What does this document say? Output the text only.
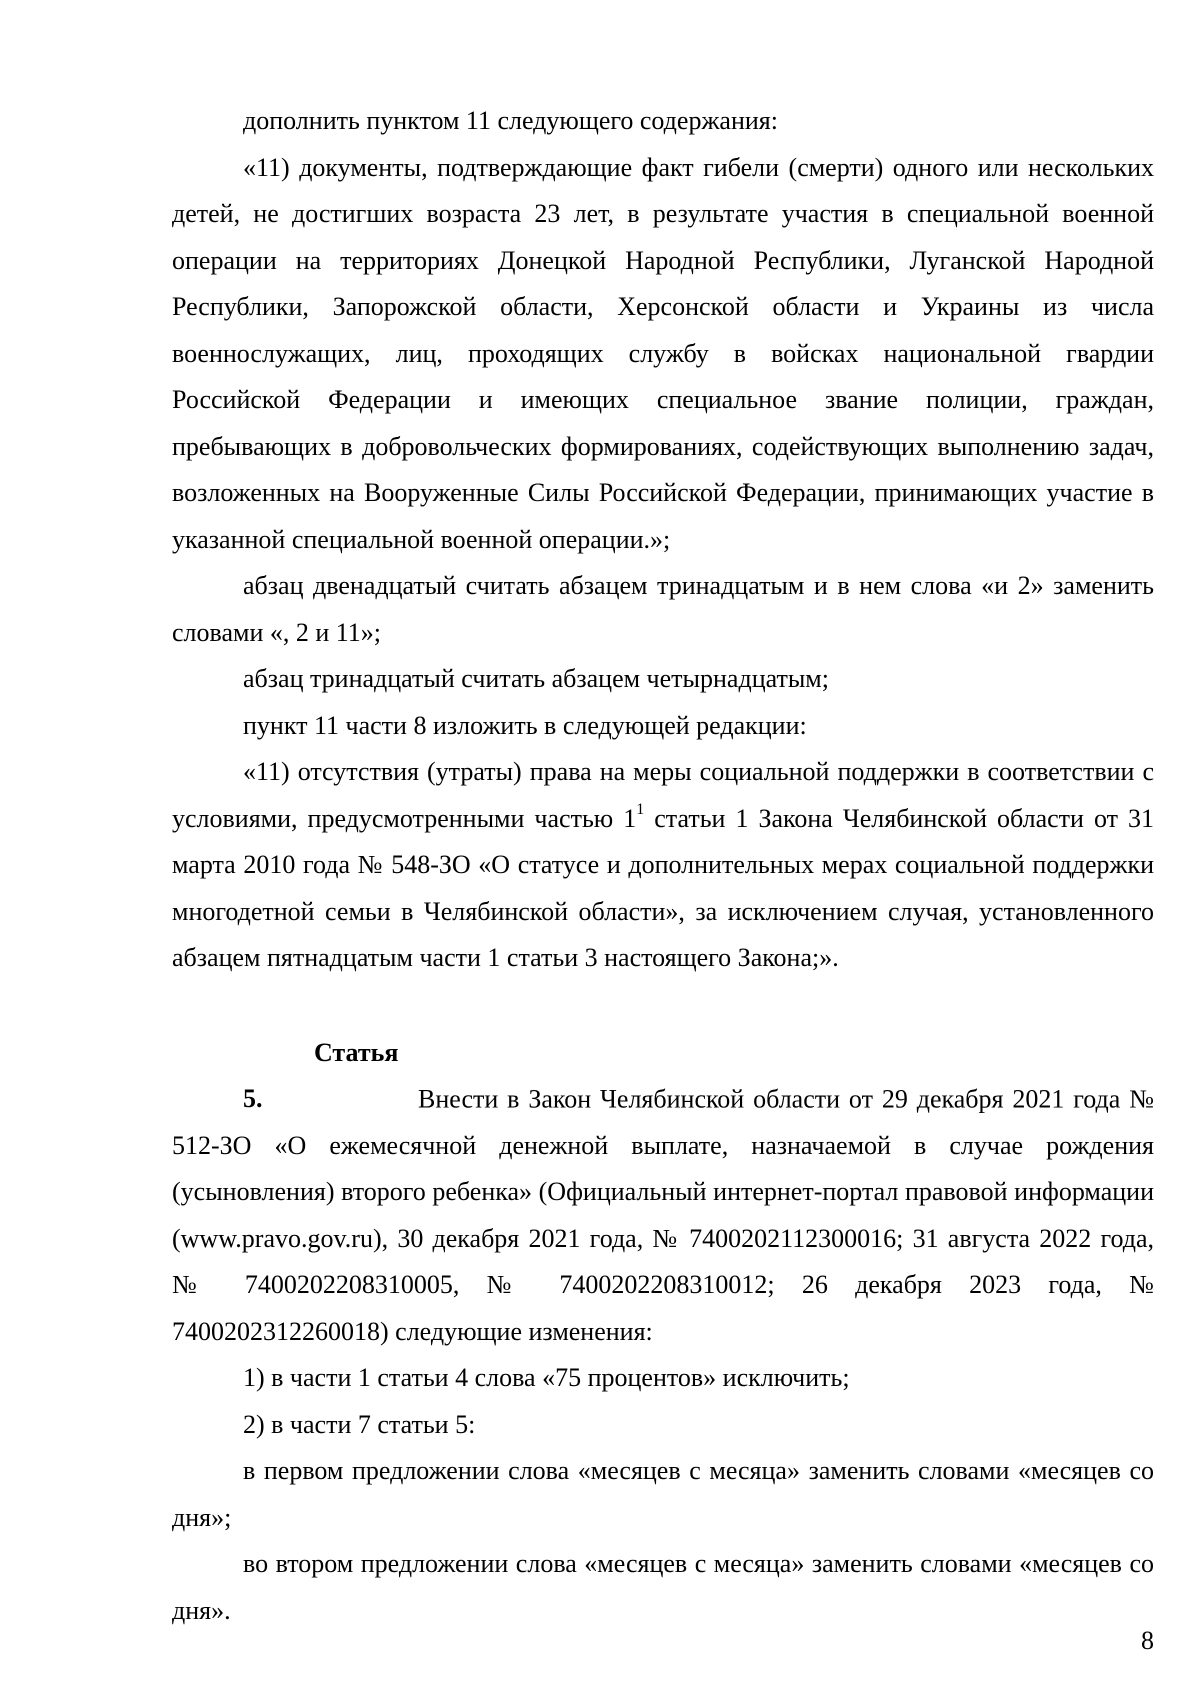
дополнить пунктом 11 следующего содержания:

«11) документы, подтверждающие факт гибели (смерти) одного или нескольких детей, не достигших возраста 23 лет, в результате участия в специальной военной операции на территориях Донецкой Народной Республики, Луганской Народной Республики, Запорожской области, Херсонской области и Украины из числа военнослужащих, лиц, проходящих службу в войсках национальной гвардии Российской Федерации и имеющих специальное звание полиции, граждан, пребывающих в добровольческих формированиях, содействующих выполнению задач, возложенных на Вооруженные Силы Российской Федерации, принимающих участие в указанной специальной военной операции.»;

абзац двенадцатый считать абзацем тринадцатым и в нем слова «и 2» заменить словами «, 2 и 11»;

абзац тринадцатый считать абзацем четырнадцатым;

пункт 11 части 8 изложить в следующей редакции:

«11) отсутствия (утраты) права на меры социальной поддержки в соответствии с условиями, предусмотренными частью $1^1$ статьи 1 Закона Челябинской области от 31 марта 2010 года № 548-ЗО «О статусе и дополнительных мерах социальной поддержки многодетной семьи в Челябинской области», за исключением случая, установленного абзацем пятнадцатым части 1 статьи 3 настоящего Закона;».

Статья 5.	Внести в Закон Челябинской области от 29 декабря 2021 года № 512-ЗО «О ежемесячной денежной выплате, назначаемой в случае рождения (усыновления) второго ребенка» (Официальный интернет-портал правовой информации (www.pravo.gov.ru), 30 декабря 2021 года, № 7400202112300016; 31 августа 2022 года, № 7400202208310005, № 7400202208310012; 26 декабря 2023 года, № 7400202312260018) следующие изменения:

1) в части 1 статьи 4 слова «75 процентов» исключить;

2) в части 7 статьи 5:

в первом предложении слова «месяцев с месяца» заменить словами «месяцев со дня»;

во втором предложении слова «месяцев с месяца» заменить словами «месяцев со дня».

8
